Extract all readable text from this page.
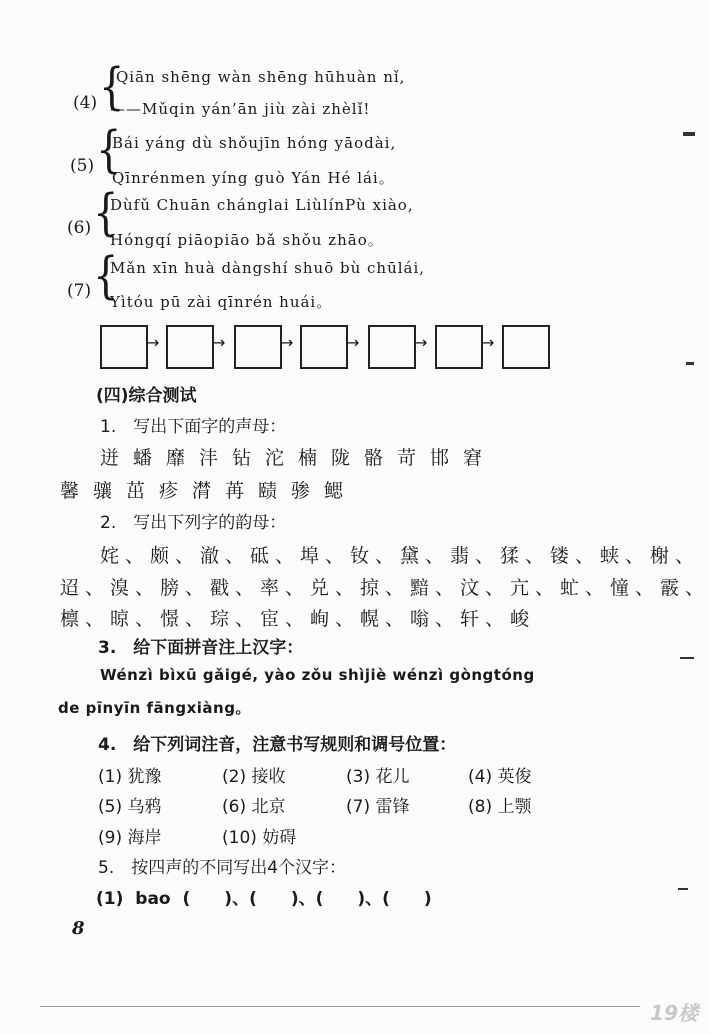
(4) {
Qiān shēng wàn shēng hūhuàn nǐ,
——Mǔqin yán’ān jiù zài zhèlǐ!
(5) {
Bái yáng dù shǒujīn hóng yāodài,
Qīnrénmen yíng guò Yán Hé lái。
(6) {
Dùfǔ Chuān chánglai LiùlínPù xiào,
Hóngqí piāopiāo bǎ shǒu zhāo。
(7) {
Mǎn xīn huà dàngshí shuō bù chūlái,
Yìtóu pū zài qīnrén huái。
→	→	→	→	→	→
(四)综合测试
1.　写出下面字的声母：
迸蟠靡沣钻沱楠陇骼苛邯窘
馨骧茁疹潸苒赜骖鳃
2.　写出下列字的韵母：
姹、颇、澈、砥、埠、钕、黛、翡、猱、镂、蛱、榭、
迢、溴、膀、戳、率、兑、掠、黯、汶、亢、虻、憧、霰、
檩、晾、憬、琮、宦、峋、幌、嗡、轩、峻
3.　给下面拼音注上汉字：
Wénzì bìxū gǎigé, yào zǒu shìjiè wénzì gòngtóng
de pīnyīn fāngxiàng。
4.　给下列词注音，注意书写规则和调号位置：
(1) 犹豫	(2) 接收	(3) 花儿	(4) 英俊
(5) 乌鸦	(6) 北京	(7) 雷锋	(8) 上颚
(9) 海岸	(10) 妨碍
5.　按四声的不同写出4个汉字：
(1) bao (　　)、(　　)、(　　)、(　　)
8
19楼
